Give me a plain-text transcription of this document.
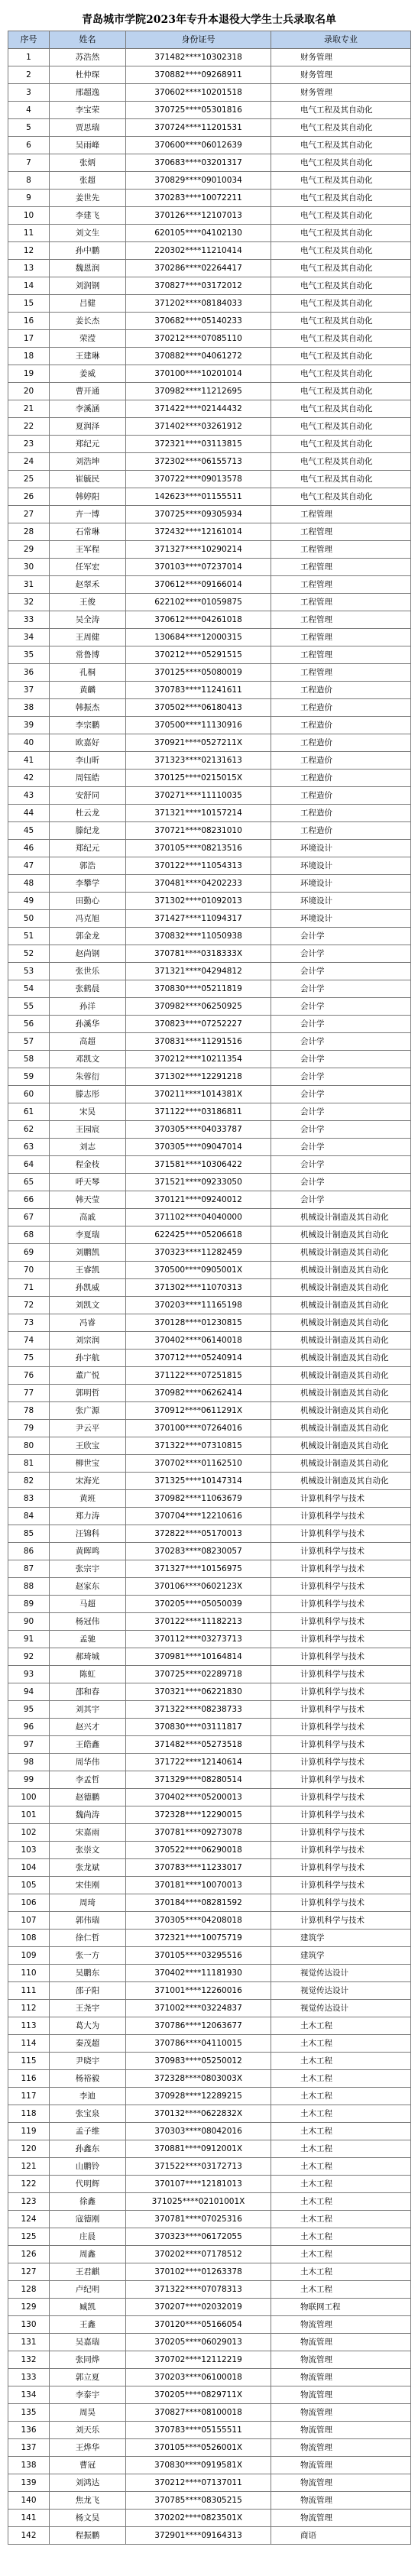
青岛城市学院2023年专升本退役大学生士兵录取名单
序号	姓名	身份证号	录取专业
1	苏浩然	371482****10302318	财务管理
2	杜仲琛	370882****09268911	财务管理
3	邢超逸	370602****10201518	财务管理
4	李宝荣	370725****05301816	电气工程及其自动化
5	贾思瑞	370724****11201531	电气工程及其自动化
6	吴雨峰	370600****06012639	电气工程及其自动化
7	张炳	370683****03201317	电气工程及其自动化
8	张超	370829****09010034	电气工程及其自动化
9	姜世先	370283****10072211	电气工程及其自动化
10	李建飞	370126****12107013	电气工程及其自动化
11	刘文生	620105****04102130	电气工程及其自动化
12	孙中鹏	220302****11210414	电气工程及其自动化
13	魏恩润	370286****02264417	电气工程及其自动化
14	刘润钢	370827****03172012	电气工程及其自动化
15	吕健	371202****08184033	电气工程及其自动化
16	姜长杰	370682****05140233	电气工程及其自动化
17	荣滢	370212****07085110	电气工程及其自动化
18	王建琳	370882****04061272	电气工程及其自动化
19	姜威	370100****10201014	电气工程及其自动化
20	曹开通	370982****11212695	电气工程及其自动化
21	李溪涵	371422****02144432	电气工程及其自动化
22	夏润泽	371402****03261912	电气工程及其自动化
23	郑纪元	372321****03113815	电气工程及其自动化
24	刘浩坤	372302****06155713	电气工程及其自动化
25	崔毓民	370722****09013578	电气工程及其自动化
26	韩婷阳	142623****01155511	电气工程及其自动化
27	卉一博	370725****09305934	工程管理
28	石常琳	372432****12161014	工程管理
29	王军程	371327****10290214	工程管理
30	任军宏	370103****07237014	工程管理
31	赵翠禾	370612****09166014	工程管理
32	王俊	622102****01059875	工程管理
33	吴全涛	370612****04261018	工程管理
34	王周健	130684****12000315	工程管理
35	常鲁博	370212****05291515	工程管理
36	孔桐	370125****05080019	工程管理
37	黄麟	370783****11241611	工程造价
38	韩振杰	370502****06180413	工程造价
39	李宗鹏	370500****11130916	工程造价
40	欧嘉好	370921****0527211X	工程造价
41	李山昕	371323****02131613	工程造价
42	周钰皓	370125****0215015X	工程造价
43	安舒同	370271****11110035	工程造价
44	杜云龙	371321****10157214	工程造价
45	滕纪龙	370721****08231010	工程造价
46	郑纪元	370105****08213516	环境设计
47	郭浩	370122****11054313	环境设计
48	李攀学	370481****04202233	环境设计
49	田勤心	371302****01092013	环境设计
50	冯克旭	371427****11094317	环境设计
51	郭金龙	370832****11050938	会计学
52	赵尚钢	370781****0318333X	会计学
53	张世乐	371321****04294812	会计学
54	张鹤晨	370830****05211819	会计学
55	孙洋	370982****06250925	会计学
56	孙溪华	370823****07252227	会计学
57	高超	370831****11291516	会计学
58	邓凯文	370212****10211354	会计学
59	朱蓉衍	371302****12291218	会计学
60	滕志彤	370211****1014381X	会计学
61	宋昊	371122****03186811	会计学
62	王园宸	370305****04033787	会计学
63	刘志	370305****09047014	会计学
64	程金枝	371581****10306422	会计学
65	呼天琴	371521****09233050	会计学
66	韩天莹	370121****09240012	会计学
67	高戚	371102****04040000	机械设计制造及其自动化
68	李夏瑞	622425****05206618	机械设计制造及其自动化
69	刘鹏凯	370323****11282459	机械设计制造及其自动化
70	王睿凯	370500****0905001X	机械设计制造及其自动化
71	孙凯威	371302****11070313	机械设计制造及其自动化
72	刘凯文	370203****11165198	机械设计制造及其自动化
73	冯睿	370128****01230815	机械设计制造及其自动化
74	刘宗润	370402****06140018	机械设计制造及其自动化
75	孙宇航	370712****05240914	机械设计制造及其自动化
76	董广悦	371122****07251815	机械设计制造及其自动化
77	郭明哲	370982****06262414	机械设计制造及其自动化
78	张广源	370912****0611291X	机械设计制造及其自动化
79	尹云平	370100****07264016	机械设计制造及其自动化
80	王欣宝	371322****07310815	机械设计制造及其自动化
81	柳世宝	370702****01162510	机械设计制造及其自动化
82	宋海光	371325****10147314	机械设计制造及其自动化
83	黄班	370982****11063679	计算机科学与技术
84	郑力涛	370704****12210616	计算机科学与技术
85	汪锦科	372822****05170013	计算机科学与技术
86	黄晖鸣	370283****08230057	计算机科学与技术
87	张宗宇	371327****10156975	计算机科学与技术
88	赵家东	370106****0602123X	计算机科学与技术
89	马超	370205****05050039	计算机科学与技术
90	杨冠伟	370122****11182213	计算机科学与技术
91	孟驰	370112****03273713	计算机科学与技术
92	郝琦城	370981****10164814	计算机科学与技术
93	陈虹	370725****02289718	计算机科学与技术
94	邵和春	370321****06221830	计算机科学与技术
95	刘其宇	371322****08238733	计算机科学与技术
96	赵兴才	370830****03111817	计算机科学与技术
97	王皓鑫	371482****05273518	计算机科学与技术
98	周华伟	371722****12140614	计算机科学与技术
99	李孟哲	371329****08280514	计算机科学与技术
100	赵德鹏	370402****05200013	计算机科学与技术
101	魏尚涛	372328****12290015	计算机科学与技术
102	宋嘉雨	370781****09273078	计算机科学与技术
103	张崇文	370522****06290018	计算机科学与技术
104	张龙斌	370783****11233017	计算机科学与技术
105	宋佳刚	370181****10070013	计算机科学与技术
106	周琦	370184****08281592	计算机科学与技术
107	郭伟瑞	370305****04208018	计算机科学与技术
108	徐仁哲	372321****10075719	建筑学
109	张一方	370105****03295516	建筑学
110	吴鹏东	370402****11181930	视觉传达设计
111	邵子阳	371001****12260016	视觉传达设计
112	王尧宇	371002****03224837	视觉传达设计
113	葛大为	370786****12063677	土木工程
114	秦茂超	370786****04110015	土木工程
115	尹晓宇	370983****05250012	土木工程
116	杨裕毅	372328****0803003X	土木工程
117	李迪	370928****12289215	土木工程
118	张宝泉	370132****0622832X	土木工程
119	孟子维	370303****08042016	土木工程
120	孙鑫东	370881****0912001X	土木工程
121	山鹏铃	371522****03172713	土木工程
122	代明辉	370107****12181013	土木工程
123	徐鑫	371025****02101001X	土木工程
124	寇德刚	370781****07025316	土木工程
125	庄晨	370323****06172055	土木工程
126	周鑫	370202****07178512	土木工程
127	王君麒	370102****01263378	土木工程
128	卢纪明	371322****07078313	土木工程
129	臧凯	370207****02032019	物联网工程
130	王鑫	370120****05166054	物流管理
131	吴嘉瑞	370205****06029013	物流管理
132	张同烨	370702****12112219	物流管理
133	郭立夏	370203****06100018	物流管理
134	李泰宇	370205****0829711X	物流管理
135	周昊	370827****08100018	物流管理
136	刘天乐	370783****05155511	物流管理
137	王烨华	370105****0526001X	物流管理
138	曹冠	370830****0919581X	物流管理
139	刘鸿达	370212****07137011	物流管理
140	焦龙飞	370785****08305215	物流管理
141	杨文昊	370202****0823501X	物流管理
142	程振鹏	372901****09164313	商语
